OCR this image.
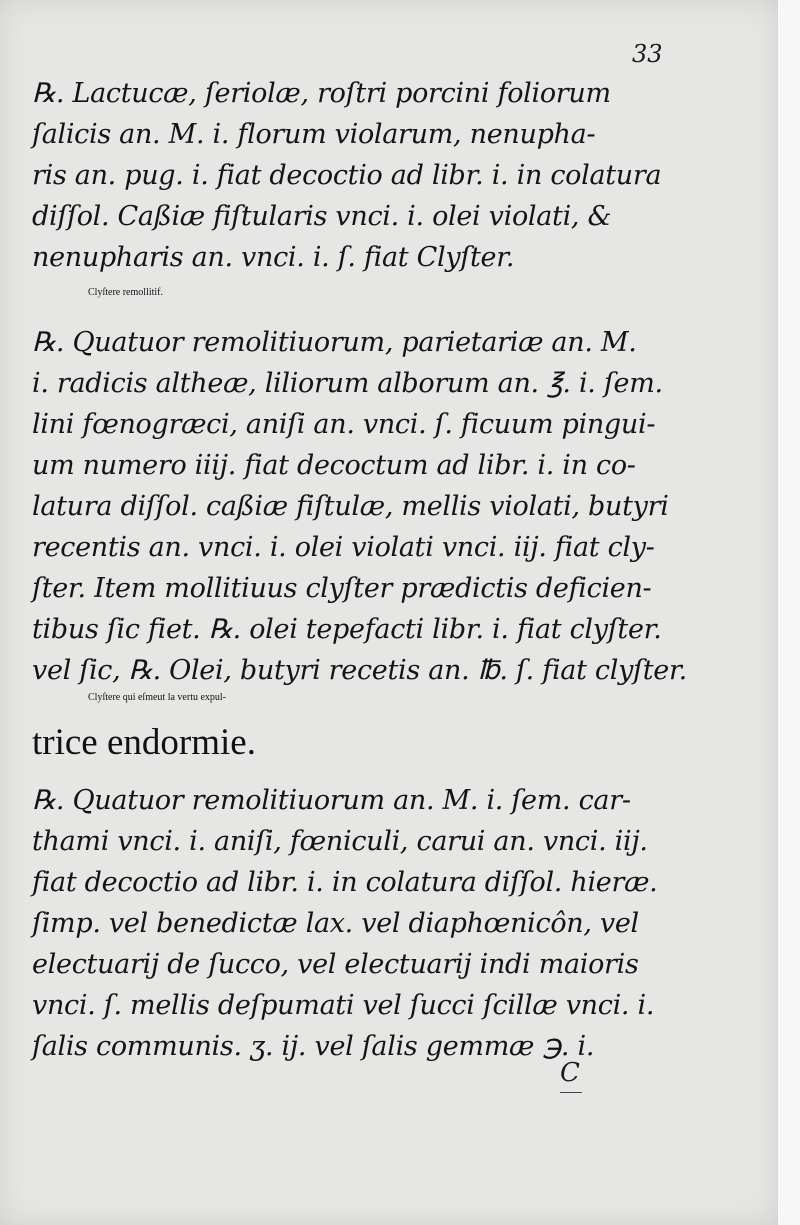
33
℞. Lactucæ, ſeriolæ, roſtri porcini foliorum
ſalicis an. M. i. florum violarum, nenupha-
ris an. pug. i. fiat decoctio ad libr. i. in colatura
diſſol. Caßiæ fiſtularis vnci. i. olei violati, &
nenupharis an. vnci. i. ſ. fiat Clyſter.
Clyſtere remollitif.
℞. Quatuor remolitiuorum, parietariæ an. M.
i. radicis altheæ, liliorum alborum an. ℥. i. ſem.
lini fœnogræci, aniſi an. vnci. ſ. ficuum pingui-
um numero iiij. fiat decoctum ad libr. i. in co-
latura diſſol. caßiæ fiſtulæ, mellis violati, butyri
recentis an. vnci. i. olei violati vnci. iij. fiat cly-
ſter. Item mollitiuus clyſter prædictis deficien-
tibus ſic fiet. ℞. olei tepefacti libr. i. fiat clyſter.
vel ſic, ℞. Olei, butyri recetis an. ℔. ſ. fiat clyſter.
Clyſtere qui eſmeut la vertu expul-
trice endormie.
℞. Quatuor remolitiuorum an. M. i. ſem. car-
thami vnci. i. aniſi, fœniculi, carui an. vnci. iij.
fiat decoctio ad libr. i. in colatura diſſol. hieræ.
ſimp. vel benedictæ lax. vel diaphœnicôn, vel
electuarij de ſucco, vel electuarij indi maioris
vnci. ſ. mellis deſpumati vel ſucci ſcillæ vnci. i.
ſalis communis. ʒ. ij. vel ſalis gemmæ ℈. i.
C
